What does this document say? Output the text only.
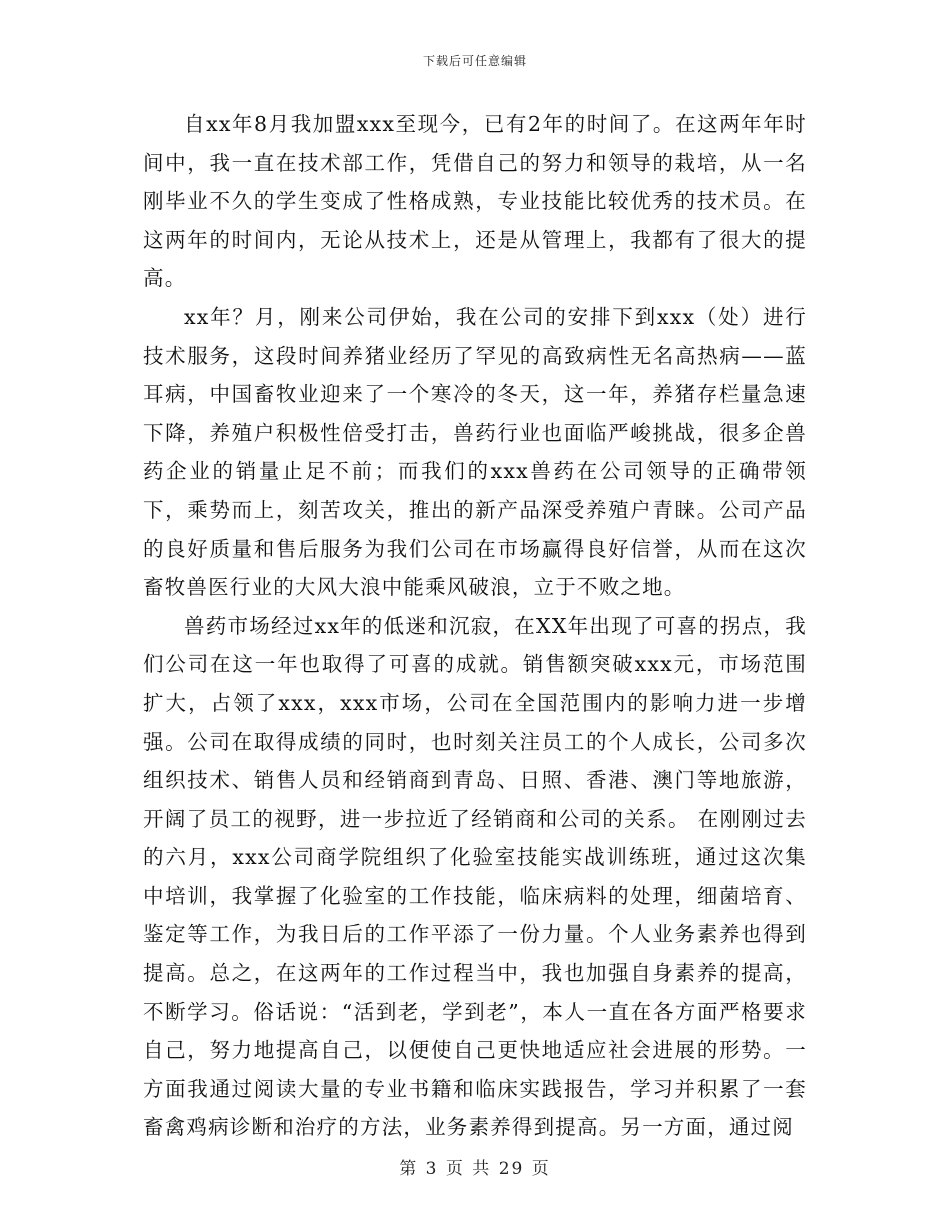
下载后可任意编辑

自xx年8月我加盟xxx至现今，已有2年的时间了。在这两年年时间中，我一直在技术部工作，凭借自己的努力和领导的栽培，从一名刚毕业不久的学生变成了性格成熟，专业技能比较优秀的技术员。在这两年的时间内，无论从技术上，还是从管理上，我都有了很大的提高。

xx年？月，刚来公司伊始，我在公司的安排下到xxx（处）进行技术服务，这段时间养猪业经历了罕见的高致病性无名高热病——蓝耳病，中国畜牧业迎来了一个寒冷的冬天，这一年，养猪存栏量急速下降，养殖户积极性倍受打击，兽药行业也面临严峻挑战，很多企兽药企业的销量止足不前；而我们的xxx兽药在公司领导的正确带领下，乘势而上，刻苦攻关，推出的新产品深受养殖户青睐。公司产品的良好质量和售后服务为我们公司在市场赢得良好信誉，从而在这次畜牧兽医行业的大风大浪中能乘风破浪，立于不败之地。

兽药市场经过xx年的低迷和沉寂，在XX年出现了可喜的拐点，我们公司在这一年也取得了可喜的成就。销售额突破xxx元，市场范围扩大，占领了xxx，xxx市场，公司在全国范围内的影响力进一步增强。公司在取得成绩的同时，也时刻关注员工的个人成长，公司多次组织技术、销售人员和经销商到青岛、日照、香港、澳门等地旅游，开阔了员工的视野，进一步拉近了经销商和公司的关系。 在刚刚过去的六月，xxx公司商学院组织了化验室技能实战训练班，通过这次集中培训，我掌握了化验室的工作技能，临床病料的处理，细菌培育、鉴定等工作，为我日后的工作平添了一份力量。个人业务素养也得到提高。总之，在这两年的工作过程当中，我也加强自身素养的提高，不断学习。俗话说：“活到老，学到老”，本人一直在各方面严格要求自己，努力地提高自己，以便使自己更快地适应社会进展的形势。一方面我通过阅读大量的专业书籍和临床实践报告，学习并积累了一套畜禽鸡病诊断和治疗的方法，业务素养得到提高。另一方面，通过阅

第 3 页 共 29 页
